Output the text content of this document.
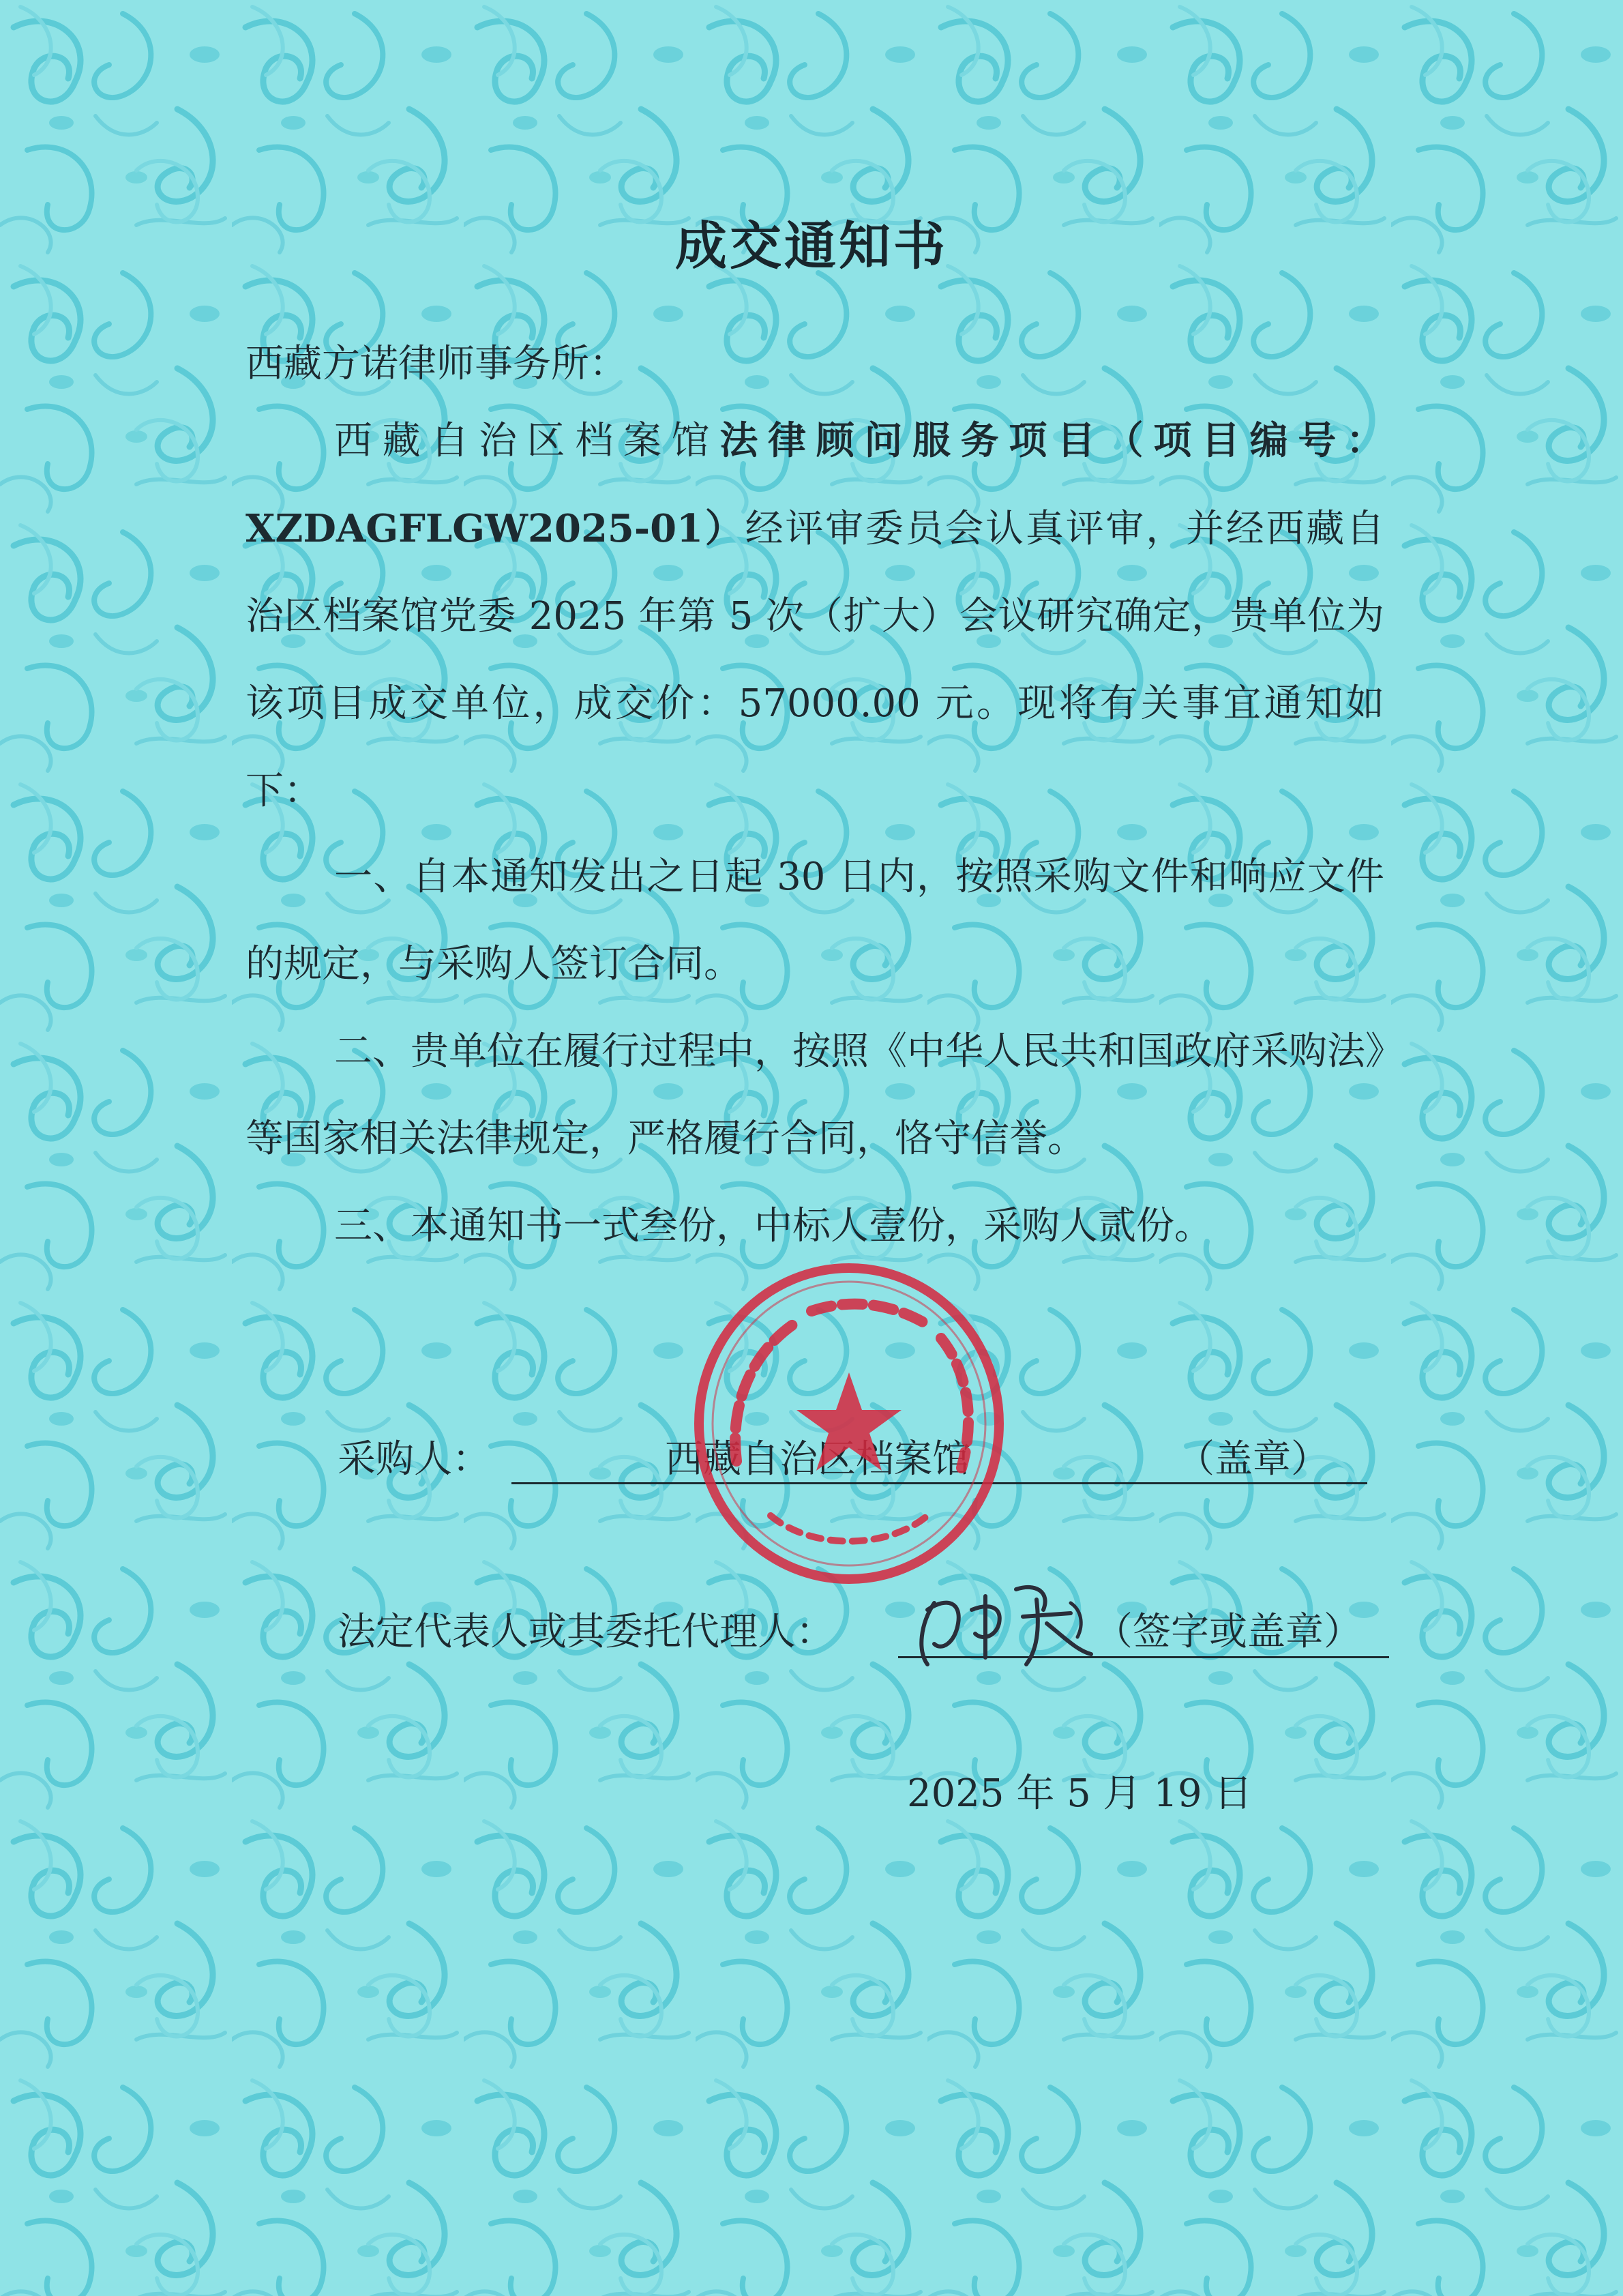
成交通知书
西藏方诺律师事务所：
西藏自治区档案馆法律顾问服务项目（项目编号：XZDAGFLGW2025-01）经评审委员会认真评审，并经西藏自治区档案馆党委 2025 年第 5 次（扩大）会议研究确定，贵单位为该项目成交单位，成交价：57000.00 元。现将有关事宜通知如下：
一、自本通知发出之日起 30 日内，按照采购文件和响应文件的规定，与采购人签订合同。
二、贵单位在履行过程中，按照《中华人民共和国政府采购法》等国家相关法律规定，严格履行合同，恪守信誉。
三、本通知书一式叁份，中标人壹份，采购人贰份。
采购人：	西藏自治区档案馆	（盖章）
法定代表人或其委托代理人：	（签字或盖章）
2025 年 5 月 19 日
